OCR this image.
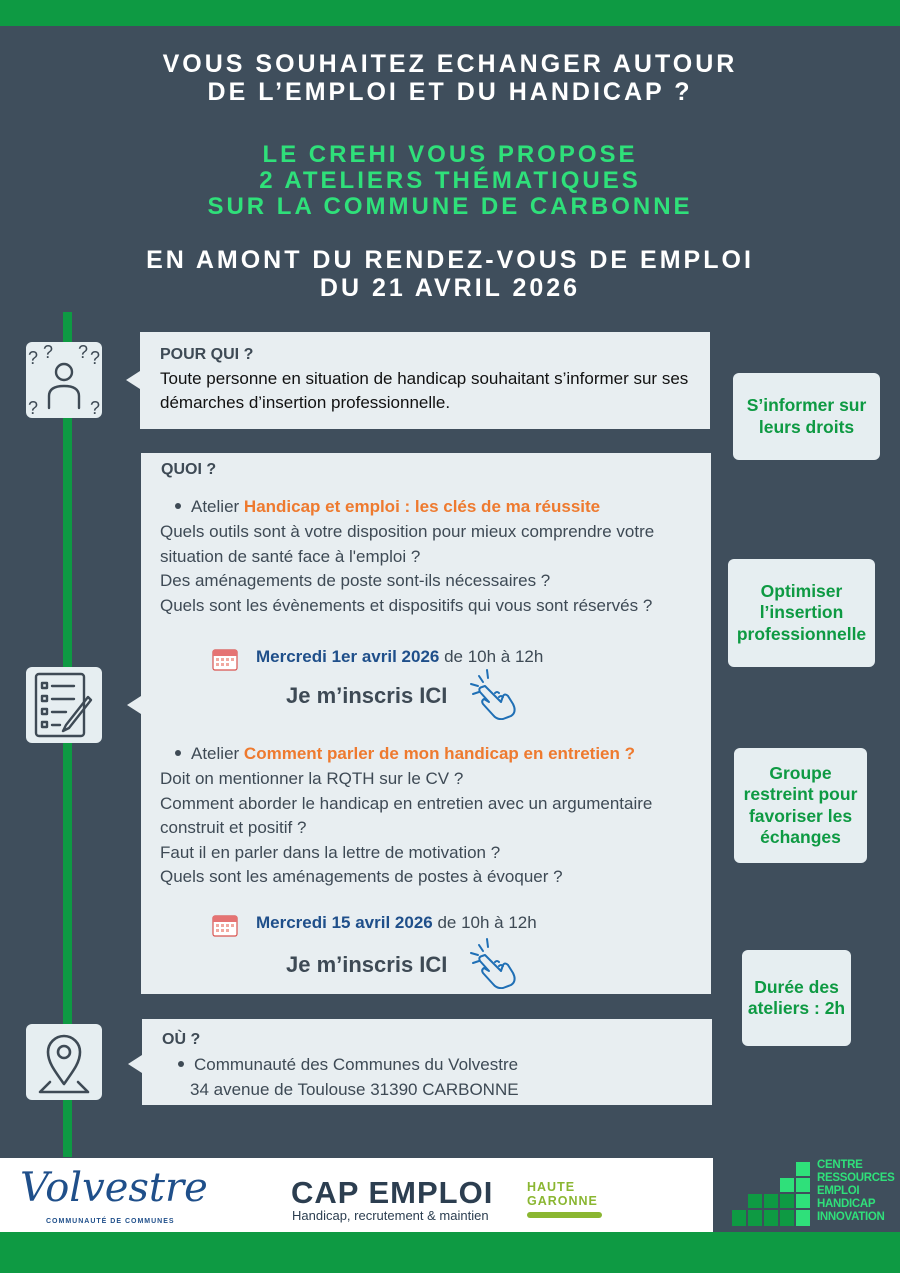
VOUS SOUHAITEZ ECHANGER AUTOUR
DE L’EMPLOI ET DU HANDICAP ?
LE CREHI VOUS PROPOSE
2 ATELIERS THÉMATIQUES
SUR LA COMMUNE DE CARBONNE
EN AMONT DU RENDEZ-VOUS DE EMPLOI
DU 21 AVRIL 2026
? ? ? ?
?	?
POUR QUI ?
Toute personne en situation de handicap souhaitant s’informer sur ses démarches d’insertion professionnelle.
QUOI ?
Atelier Handicap et emploi : les clés de ma réussite
Quels outils sont à votre disposition pour mieux comprendre votre
situation de santé face à l'emploi ?
Des aménagements de poste sont-ils nécessaires ?
Quels sont les évènements et dispositifs qui vous sont réservés ?
Mercredi 1er avril 2026 de 10h à 12h
Je m’inscris ICI
Atelier Comment parler de mon handicap en entretien ?
Doit on mentionner la RQTH sur le CV ?
Comment aborder le handicap en entretien avec un argumentaire
construit et positif ?
Faut il en parler dans la lettre de motivation ?
Quels sont les aménagements de postes à évoquer ?
Mercredi 15 avril 2026 de 10h à 12h
Je m’inscris ICI
OÙ ?
Communauté des Communes du Volvestre
34 avenue de Toulouse 31390 CARBONNE
S’informer sur leurs droits
Optimiser l’insertion professionnelle
Groupe restreint pour favoriser les échanges
Durée des ateliers : 2h
Volvestre
COMMUNAUTÉ DE COMMUNES
CAP EMPLOI
Handicap, recrutement & maintien
HAUTE
GARONNE
CENTRE
RESSOURCES
EMPLOI
HANDICAP
INNOVATION
